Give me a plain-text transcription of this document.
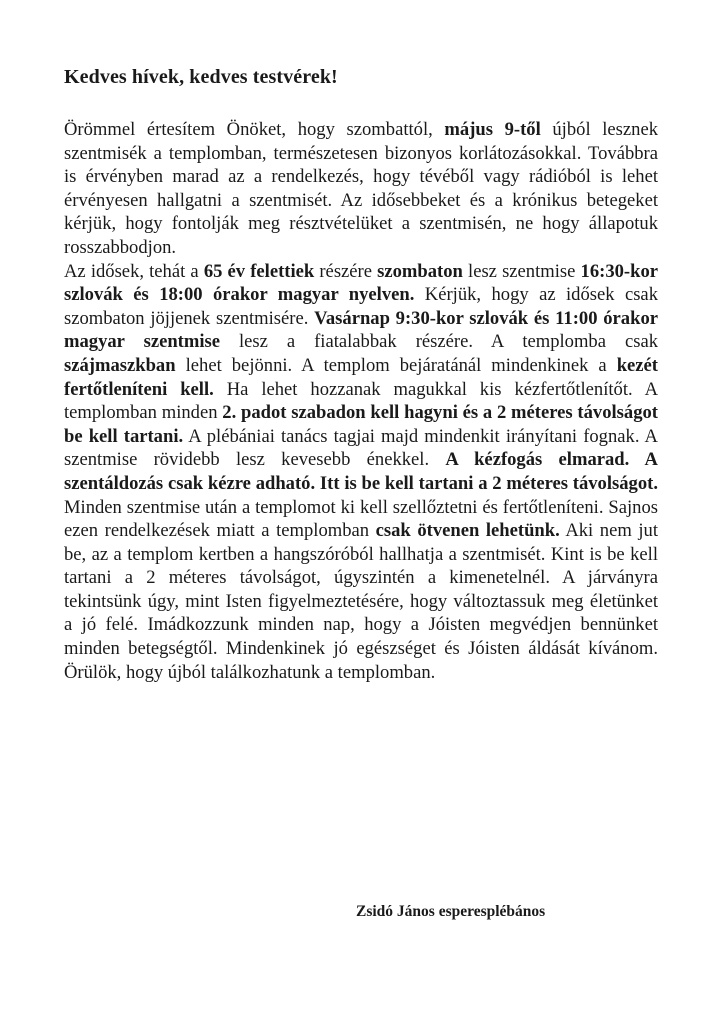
Kedves hívek, kedves testvérek!

Örömmel értesítem Önöket, hogy szombattól, május 9-től újból lesznek szentmisék a templomban, természetesen bizonyos korlátozásokkal. Továbbra is érvényben marad az a rendelkezés, hogy tévéből vagy rádióból is lehet érvényesen hallgatni a szentmisét. Az idősebbeket és a krónikus betegeket kérjük, hogy fontolják meg résztvételüket a szentmisén, ne hogy állapotuk rosszabbodjon.

Az idősek, tehát a 65 év felettiek részére szombaton lesz szentmise 16:30-kor szlovák és 18:00 órakor magyar nyelven. Kérjük, hogy az idősek csak szombaton jöjjenek szentmisére. Vasárnap 9:30-kor szlovák és 11:00 órakor magyar szentmise lesz a fiatalabbak részére. A templomba csak szájmaszkban lehet bejönni. A templom bejáratánál mindenkinek a kezét fertőtleníteni kell. Ha lehet hozzanak magukkal kis kézfertőtlenítőt. A templomban minden 2. padot szabadon kell hagyni és a 2 méteres távolságot be kell tartani. A plébániai tanács tagjai majd mindenkit irányítani fognak. A szentmise rövidebb lesz kevesebb énekkel. A kézfogás elmarad. A szentáldozás csak kézre adható. Itt is be kell tartani a 2 méteres távolságot. Minden szentmise után a templomot ki kell szellőztetni és fertőtleníteni. Sajnos ezen rendelkezések miatt a templomban csak ötvenen lehetünk. Aki nem jut be, az a templom kertben a hangszóróból hallhatja a szentmisét. Kint is be kell tartani a 2 méteres távolságot, úgyszintén a kimenetelnél. A járványra tekintsünk úgy, mint Isten figyelmeztetésére, hogy változtassuk meg életünket a jó felé. Imádkozzunk minden nap, hogy a Jóisten megvédjen bennünket minden betegségtől. Mindenkinek jó egészséget és Jóisten áldását kívánom. Örülök, hogy újból találkozhatunk a templomban.

Zsidó János esperesplébános
